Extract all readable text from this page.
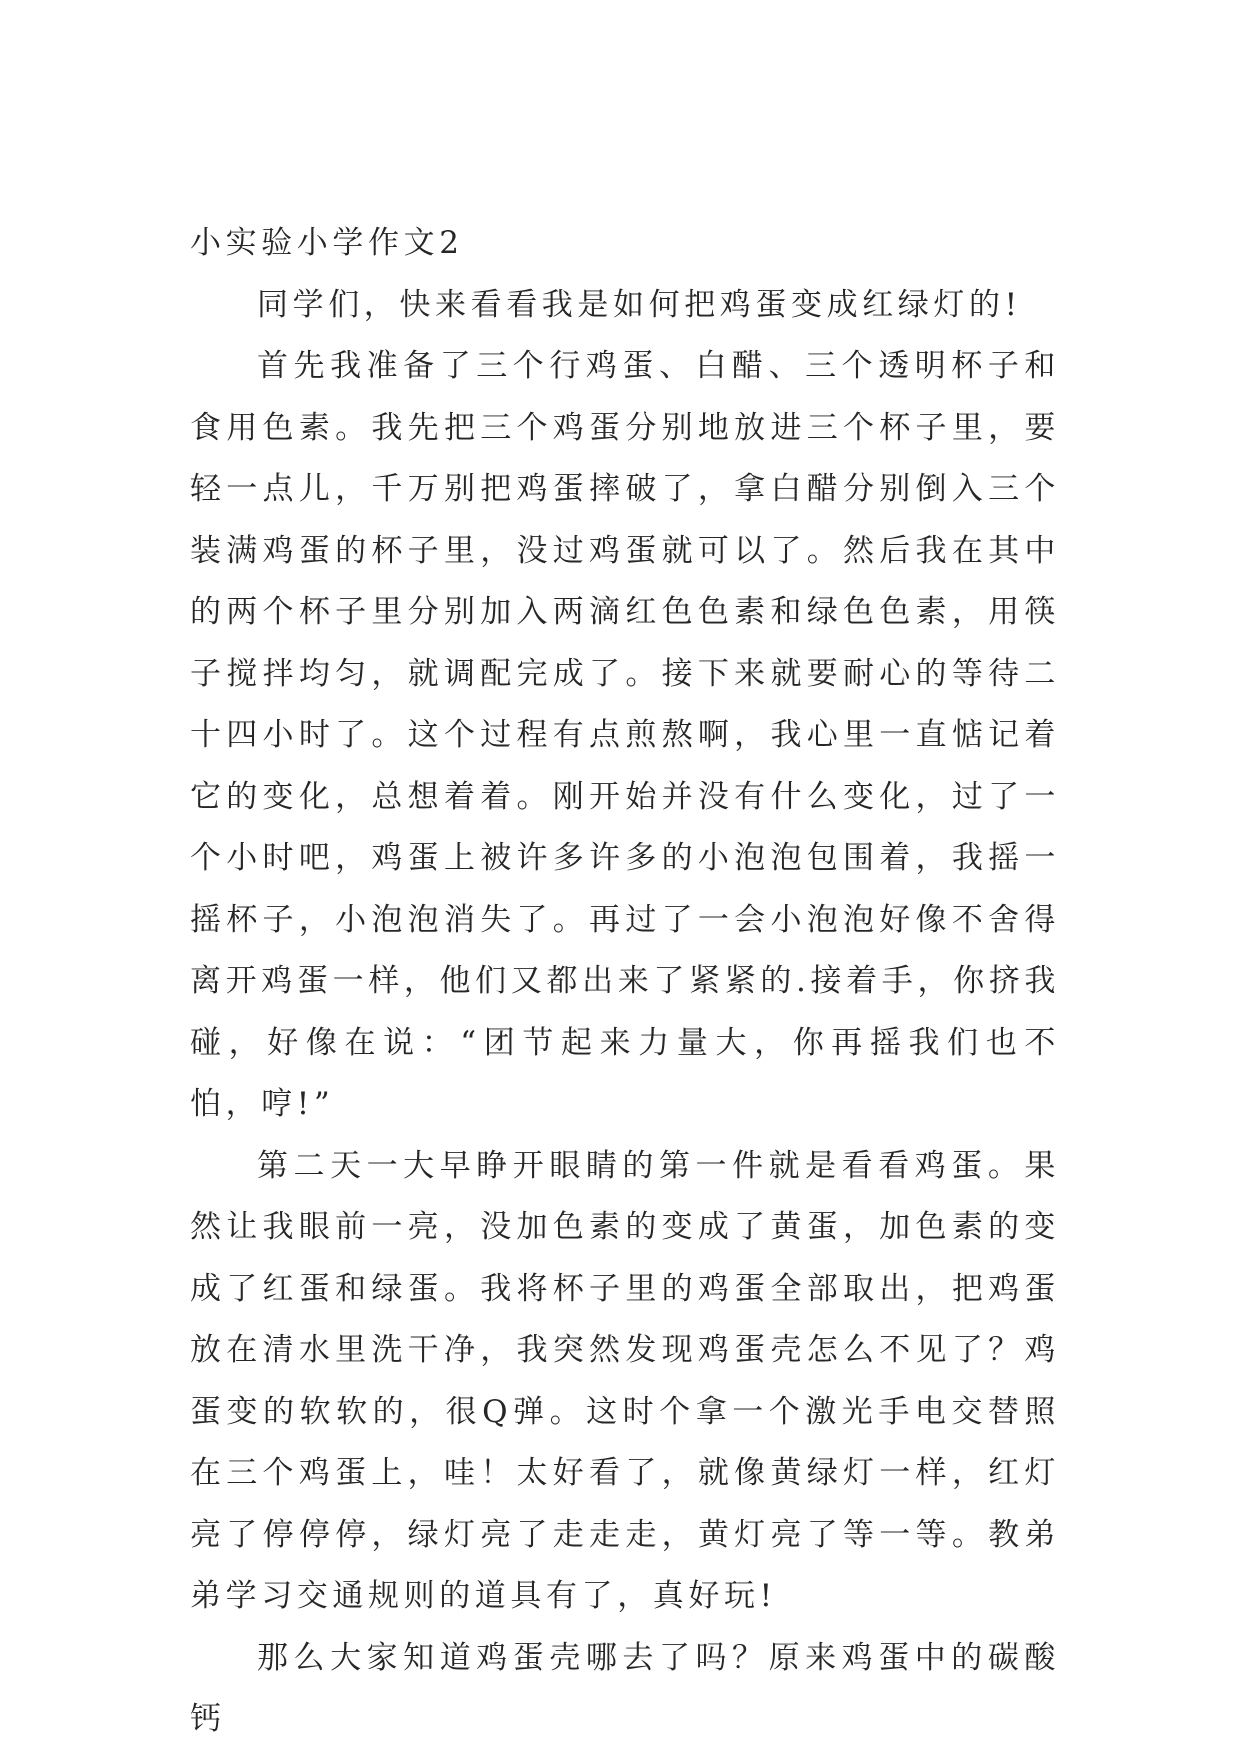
小实验小学作文2

同学们，快来看看我是如何把鸡蛋变成红绿灯的!

首先我准备了三个行鸡蛋、白醋、三个透明杯子和食用色素。我先把三个鸡蛋分别地放进三个杯子里，要轻一点儿，千万别把鸡蛋摔破了，拿白醋分别倒入三个装满鸡蛋的杯子里，没过鸡蛋就可以了。然后我在其中的两个杯子里分别加入两滴红色色素和绿色色素，用筷子搅拌均匀，就调配完成了。接下来就要耐心的等待二十四小时了。这个过程有点煎熬啊，我心里一直惦记着它的变化，总想着着。刚开始并没有什么变化，过了一个小时吧，鸡蛋上被许多许多的小泡泡包围着，我摇一摇杯子，小泡泡消失了。再过了一会小泡泡好像不舍得离开鸡蛋一样，他们又都出来了紧紧的.接着手，你挤我碰，好像在说：“团节起来力量大，你再摇我们也不怕，哼!”

第二天一大早睁开眼睛的第一件就是看看鸡蛋。果然让我眼前一亮，没加色素的变成了黄蛋，加色素的变成了红蛋和绿蛋。我将杯子里的鸡蛋全部取出，把鸡蛋放在清水里洗干净，我突然发现鸡蛋壳怎么不见了？鸡蛋变的软软的，很Q弹。这时个拿一个激光手电交替照在三个鸡蛋上，哇！太好看了，就像黄绿灯一样，红灯亮了停停停，绿灯亮了走走走，黄灯亮了等一等。教弟弟学习交通规则的道具有了，真好玩!

那么大家知道鸡蛋壳哪去了吗？原来鸡蛋中的碳酸钙
